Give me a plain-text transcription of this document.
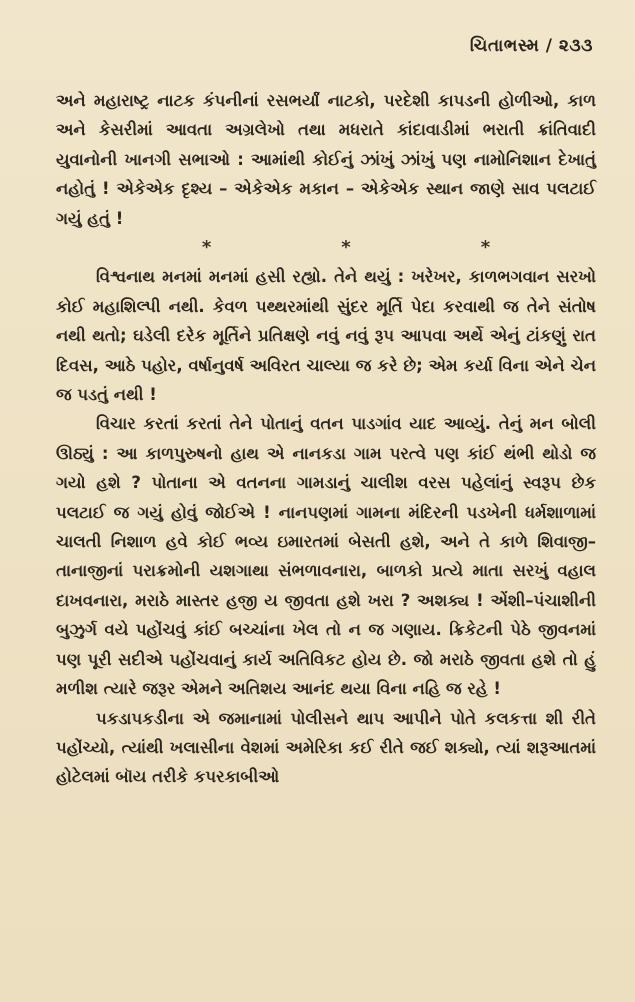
ચિતાભસ્મ / ૨૩૩

અને મહારાષ્ટ્ર નાટક કંપનીનાં રસભર્યાં નાટકો, પરદેશી કાપડની હોળીઓ, કાળ અને કેસરીમાં આવતા અગ્રલેખો તથા મધરાતે કાંદાવાડીમાં ભરાતી ક્રાંતિવાદી યુવાનોની ખાનગી સભાઓ : આમાંથી કોઈનું ઝાંખું ઝાંખું પણ નામોનિશાન દેખાતું નહોતું ! એકેએક દૃશ્ય – એકેએક મકાન – એકેએક સ્થાન જાણે સાવ પલટાઈ ગયું હતું !

*	*	*

વિશ્વનાથ મનમાં મનમાં હસી રહ્યો. તેને થયું : ખરેખર, કાળભગવાન સરખો કોઈ મહાશિલ્પી નથી. કેવળ પથ્થરમાંથી સુંદર મૂર્તિ પેદા કરવાથી જ તેને સંતોષ નથી થતો; ઘડેલી દરેક મૂર્તિને પ્રતિક્ષણે નવું નવું રૂપ આપવા અર્થે એનું ટાંકણું રાત દિવસ, આઠે પહોર, વર્ષાનુવર્ષ અવિરત ચાલ્યા જ કરે છે; એમ કર્યા વિના એને ચેન જ પડતું નથી !

વિચાર કરતાં કરતાં તેને પોતાનું વતન પાડગાંવ યાદ આવ્યું. તેનું મન બોલી ઊઠ્યું : આ કાળપુરુષનો હાથ એ નાનકડા ગામ પરત્વે પણ કાંઈ થંભી થોડો જ ગયો હશે ? પોતાના એ વતનના ગામડાનું ચાલીશ વરસ પહેલાંનું સ્વરૂપ છેક પલટાઈ જ ગયું હોવું જોઈએ ! નાનપણમાં ગામના મંદિરની પડખેની ધર્મશાળામાં ચાલતી નિશાળ હવે કોઈ ભવ્ય ઇમારતમાં બેસતી હશે, અને તે કાળે શિવાજી–તાનાજીનાં પરાક્રમોની યશગાથા સંભળાવનારા, બાળકો પ્રત્યે માતા સરખું વહાલ દાખવનારા, મરાઠે માસ્તર હજી ય જીવતા હશે ખરા ? અશક્ય ! એંશી–પંચાશીની બુઝુર્ગ વયે પહોંચવું કાંઈ બચ્ચાંના ખેલ તો ન જ ગણાય. ક્રિકેટની પેઠે જીવનમાં પણ પૂરી સદીએ પહોંચવાનું કાર્ય અતિવિકટ હોય છે. જો મરાઠે જીવતા હશે તો હું મળીશ ત્યારે જરૂર એમને અતિશય આનંદ થયા વિના નહિ જ રહે !

પકડાપકડીના એ જમાનામાં પોલીસને થાપ આપીને પોતે કલકત્તા શી રીતે પહોંચ્યો, ત્યાંથી ખલાસીના વેશમાં અમેરિકા કઈ રીતે જઈ શક્યો, ત્યાં શરૂઆતમાં હોટેલમાં બૉય તરીકે કપરકાબીઓ
